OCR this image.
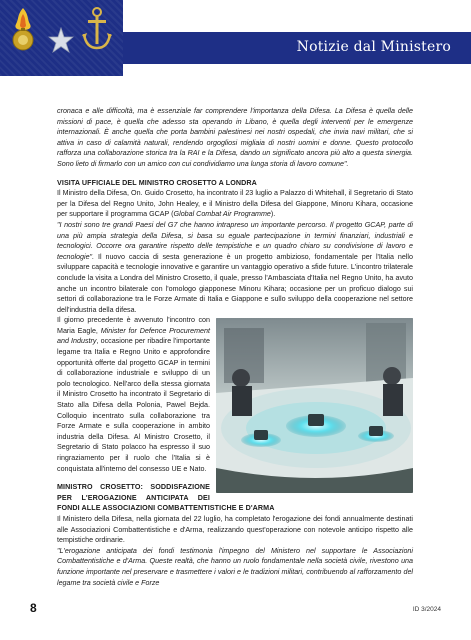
Notizie dal Ministero

cronaca e alle difficoltà, ma è essenziale far comprendere l'importanza della Difesa. La Difesa è quella delle missioni di pace, è quella che adesso sta operando in Libano, è quella degli interventi per le emergenze internazionali. È anche quella che porta bambini palestinesi nei nostri ospedali, che invia navi militari, che si attiva in caso di calamità naturali, rendendo orgogliosi migliaia di nostri uomini e donne. Questo protocollo rafforza una collaborazione storica tra la RAI e la Difesa, dando un significato ancora più alto a questa sinergia. Sono lieto di firmarlo con un amico con cui condividiamo una lunga storia di lavoro comune".

VISITA UFFICIALE DEL MINISTRO CROSETTO A LONDRA

Il Ministro della Difesa, On. Guido Crosetto, ha incontrato il 23 luglio a Palazzo di Whitehall, il Segretario di Stato per la Difesa del Regno Unito, John Healey, e il Ministro della Difesa del Giappone, Minoru Kihara, occasione per supportare il programma GCAP (Global Combat Air Programme).

"I nostri sono tre grandi Paesi del G7 che hanno intrapreso un importante percorso. Il progetto GCAP, parte di una più ampia strategia della Difesa, si basa su eguale partecipazione in termini finanziari, industriali e tecnologici. Occorre ora garantire rispetto delle tempistiche e un quadro chiaro su condivisione di lavoro e tecnologie". Il nuovo caccia di sesta generazione è un progetto ambizioso, fondamentale per l'Italia nello sviluppare capacità e tecnologie innovative e garantire un vantaggio operativo a sfide future. L'incontro trilaterale conclude la visita a Londra del Ministro Crosetto, il quale, presso l'Ambasciata d'Italia nel Regno Unito, ha avuto anche un incontro bilaterale con l'omologo giapponese Minoru Kihara; occasione per un proficuo dialogo sui settori di collaborazione tra le Forze Armate di Italia e Giappone e sullo sviluppo della cooperazione nel settore dell'industria della difesa.

Il giorno precedente è avvenuto l'incontro con Maria Eagle, Minister for Defence Procurement and Industry, occasione per ribadire l'importante legame tra Italia e Regno Unito e approfondire opportunità offerte dal progetto GCAP in termini di collaborazione industriale e sviluppo di un polo tecnologico. Nell'arco della stessa giornata il Ministro Crosetto ha incontrato il Segretario di Stato alla Difesa della Polonia, Pawel Bejda. Colloquio incentrato sulla collaborazione tra Forze Armate e sulla cooperazione in ambito industria della Difesa. Al Ministro Crosetto, il Segretario di Stato polacco ha espresso il suo ringraziamento per il ruolo che l'Italia si è conquistata all'interno del consesso UE e Nato.

MINISTRO CROSETTO: SODDISFAZIONE PER L'EROGAZIONE ANTICIPATA DEI FONDI ALLE ASSOCIAZIONI COMBATTENTISTICHE E D'ARMA

Il Ministero della Difesa, nella giornata del 22 luglio, ha completato l'erogazione dei fondi annualmente destinati alle Associazioni Combattentistiche e d'Arma, realizzando quest'operazione con notevole anticipo rispetto alle tempistiche ordinarie.

"L'erogazione anticipata dei fondi testimonia l'impegno del Ministero nel supportare le Associazioni Combattentistiche e d'Arma. Queste realtà, che hanno un ruolo fondamentale nella società civile, rivestono una funzione importante nel preservare e trasmettere i valori e le tradizioni militari, contribuendo al rafforzamento del legame tra società civile e Forze

8	ID 3/2024
